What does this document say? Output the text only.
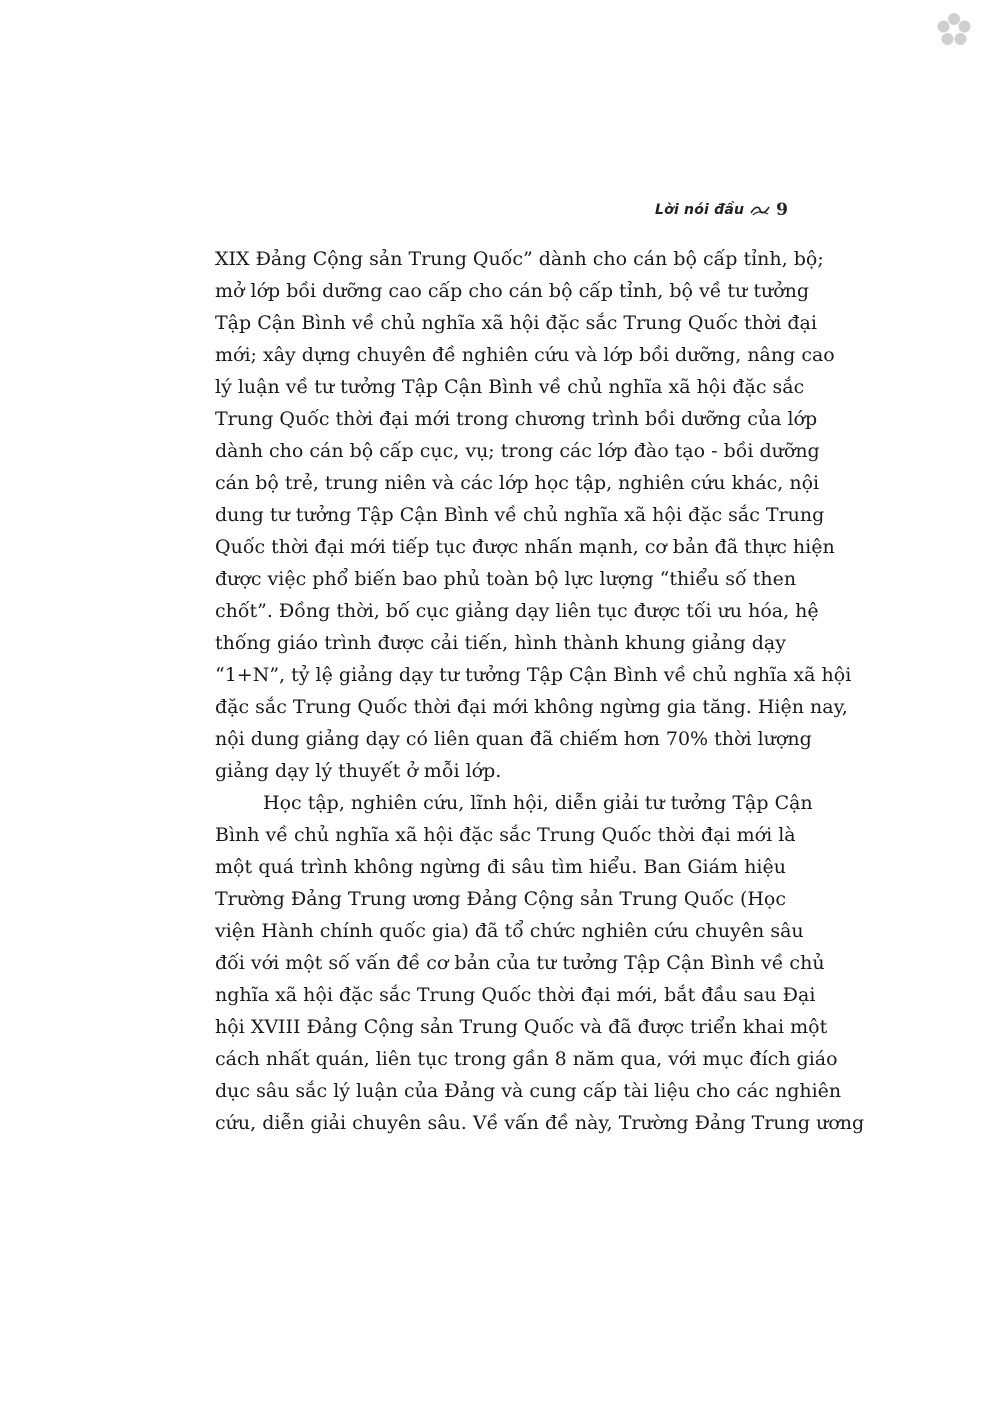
Lời nói đầu 9
XIX Đảng Cộng sản Trung Quốc” dành cho cán bộ cấp tỉnh, bộ;
mở lớp bồi dưỡng cao cấp cho cán bộ cấp tỉnh, bộ về tư tưởng
Tập Cận Bình về chủ nghĩa xã hội đặc sắc Trung Quốc thời đại
mới; xây dựng chuyên đề nghiên cứu và lớp bồi dưỡng, nâng cao
lý luận về tư tưởng Tập Cận Bình về chủ nghĩa xã hội đặc sắc
Trung Quốc thời đại mới trong chương trình bồi dưỡng của lớp
dành cho cán bộ cấp cục, vụ; trong các lớp đào tạo - bồi dưỡng
cán bộ trẻ, trung niên và các lớp học tập, nghiên cứu khác, nội
dung tư tưởng Tập Cận Bình về chủ nghĩa xã hội đặc sắc Trung
Quốc thời đại mới tiếp tục được nhấn mạnh, cơ bản đã thực hiện
được việc phổ biến bao phủ toàn bộ lực lượng “thiểu số then
chốt”. Đồng thời, bố cục giảng dạy liên tục được tối ưu hóa, hệ
thống giáo trình được cải tiến, hình thành khung giảng dạy
“1+N”, tỷ lệ giảng dạy tư tưởng Tập Cận Bình về chủ nghĩa xã hội
đặc sắc Trung Quốc thời đại mới không ngừng gia tăng. Hiện nay,
nội dung giảng dạy có liên quan đã chiếm hơn 70% thời lượng
giảng dạy lý thuyết ở mỗi lớp.
Học tập, nghiên cứu, lĩnh hội, diễn giải tư tưởng Tập Cận
Bình về chủ nghĩa xã hội đặc sắc Trung Quốc thời đại mới là
một quá trình không ngừng đi sâu tìm hiểu. Ban Giám hiệu
Trường Đảng Trung ương Đảng Cộng sản Trung Quốc (Học
viện Hành chính quốc gia) đã tổ chức nghiên cứu chuyên sâu
đối với một số vấn đề cơ bản của tư tưởng Tập Cận Bình về chủ
nghĩa xã hội đặc sắc Trung Quốc thời đại mới, bắt đầu sau Đại
hội XVIII Đảng Cộng sản Trung Quốc và đã được triển khai một
cách nhất quán, liên tục trong gần 8 năm qua, với mục đích giáo
dục sâu sắc lý luận của Đảng và cung cấp tài liệu cho các nghiên
cứu, diễn giải chuyên sâu. Về vấn đề này, Trường Đảng Trung ương
